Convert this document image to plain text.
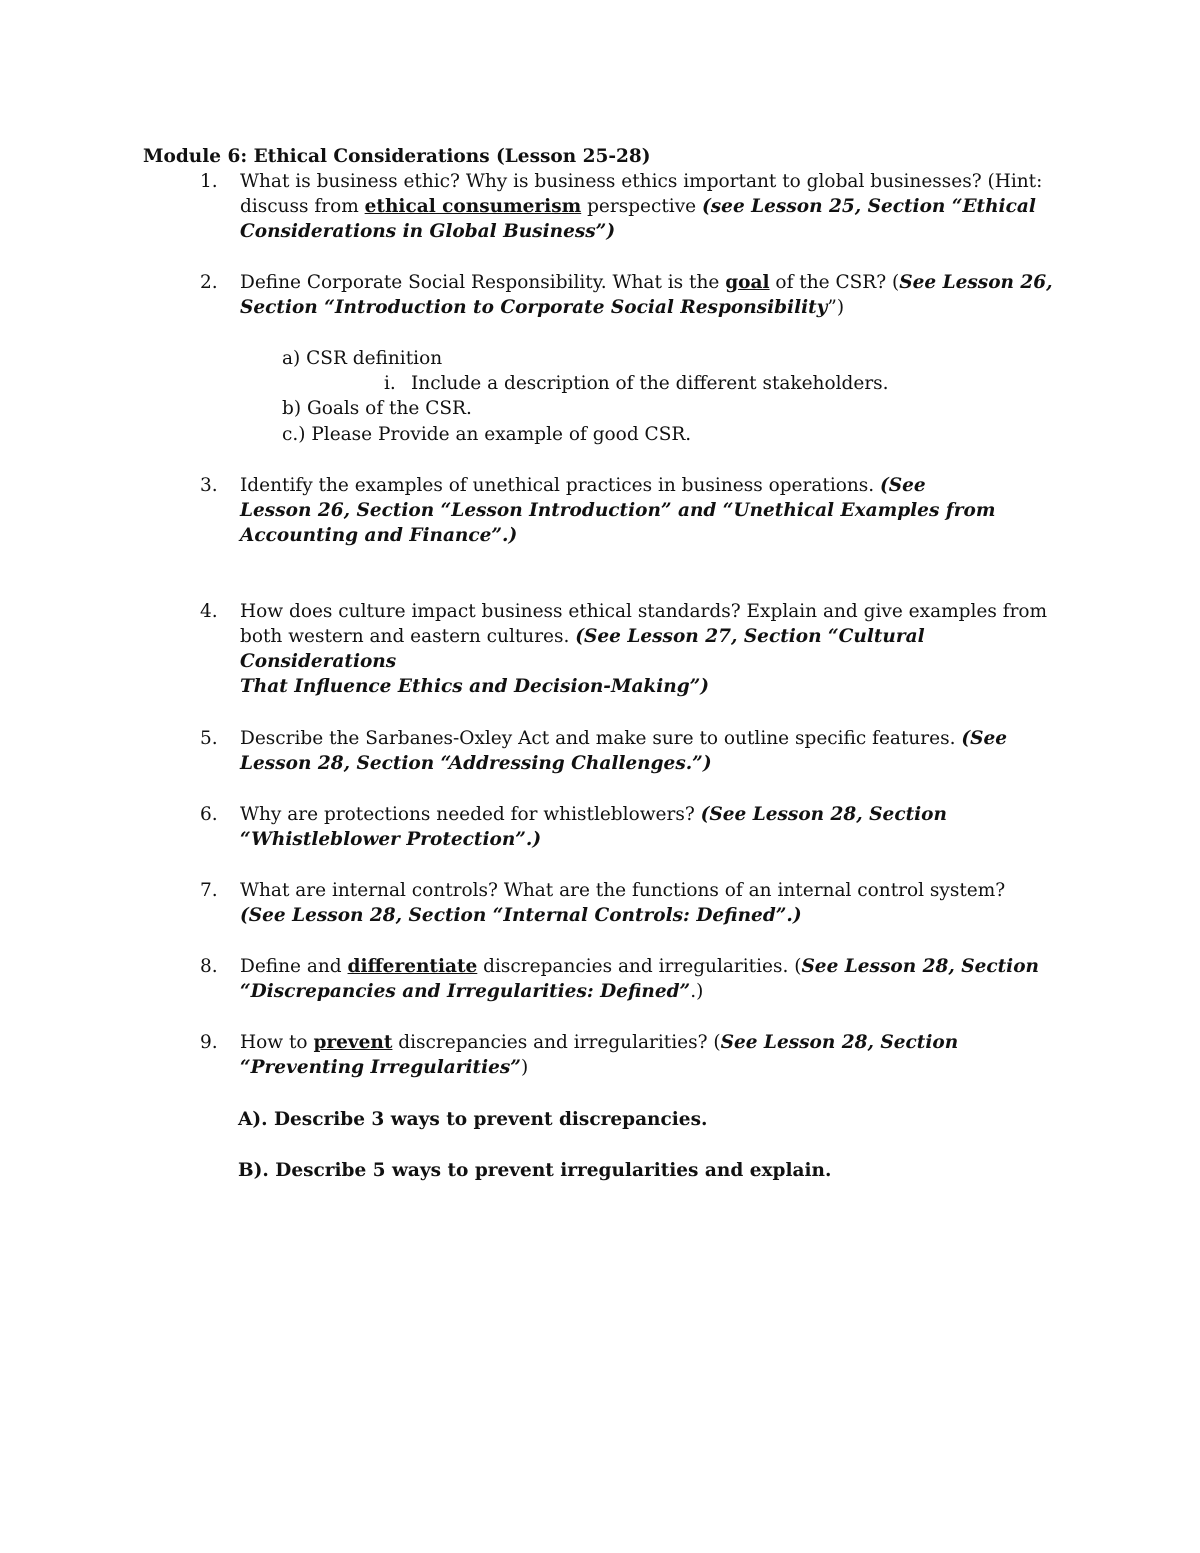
Module 6: Ethical Considerations (Lesson 25-28)
1.	What is business ethic? Why is business ethics important to global businesses? (Hint:
discuss from ethical consumerism perspective (see Lesson 25, Section “Ethical
Considerations in Global Business”)
2.	Define Corporate Social Responsibility. What is the goal of the CSR? (See Lesson 26,
Section “Introduction to Corporate Social Responsibility”)
a) CSR definition
i. Include a description of the different stakeholders.
b) Goals of the CSR.
c.) Please Provide an example of good CSR.
3.	Identify the examples of unethical practices in business operations. (See
Lesson 26, Section “Lesson Introduction” and “Unethical Examples from
Accounting and Finance”.)
4.	How does culture impact business ethical standards? Explain and give examples from
both western and eastern cultures. (See Lesson 27, Section “Cultural Considerations
That Influence Ethics and Decision-Making”)
5.	Describe the Sarbanes-Oxley Act and make sure to outline specific features. (See
Lesson 28, Section “Addressing Challenges.”)
6.	Why are protections needed for whistleblowers? (See Lesson 28, Section
“Whistleblower Protection”.)
7.	What are internal controls? What are the functions of an internal control system?
(See Lesson 28, Section “Internal Controls: Defined”.)
8.	Define and differentiate discrepancies and irregularities. (See Lesson 28, Section
“Discrepancies and Irregularities: Defined”.)
9.	How to prevent discrepancies and irregularities? (See Lesson 28, Section
“Preventing Irregularities”)
A). Describe 3 ways to prevent discrepancies.
B). Describe 5 ways to prevent irregularities and explain.
